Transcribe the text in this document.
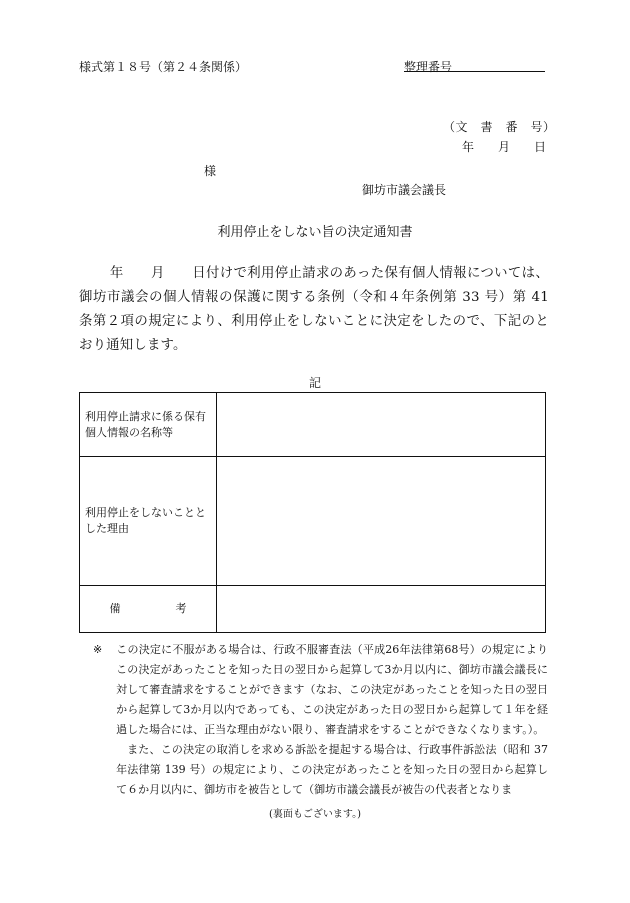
様式第１８号（第２４条関係）	整理番号
（文　書　番　号）
年　　月　　日
様
御坊市議会議長
利用停止をしない旨の決定通知書
年　　月　　日付けで利用停止請求のあった保有個人情報については、御坊市議会の個人情報の保護に関する条例（令和４年条例第 33 号）第 41 条第２項の規定により、利用停止をしないことに決定をしたので、下記のとおり通知します。
記
利用停止請求に係る保有個人情報の名称等	
利用停止をしないこととした理由	
備　考	

※ この決定に不服がある場合は、行政不服審査法（平成26年法律第68号）の規定によりこの決定があったことを知った日の翌日から起算して3か月以内に、御坊市議会議長に対して審査請求をすることができます（なお、この決定があったことを知った日の翌日から起算して3か月以内であっても、この決定があった日の翌日から起算して１年を経過した場合には、正当な理由がない限り、審査請求をすることができなくなります。）。

また、この決定の取消しを求める訴訟を提起する場合は、行政事件訴訟法（昭和 37 年法律第 139 号）の規定により、この決定があったことを知った日の翌日から起算して６か月以内に、御坊市を被告として（御坊市議会議長が被告の代表者となりま

(裏面もございます。)
